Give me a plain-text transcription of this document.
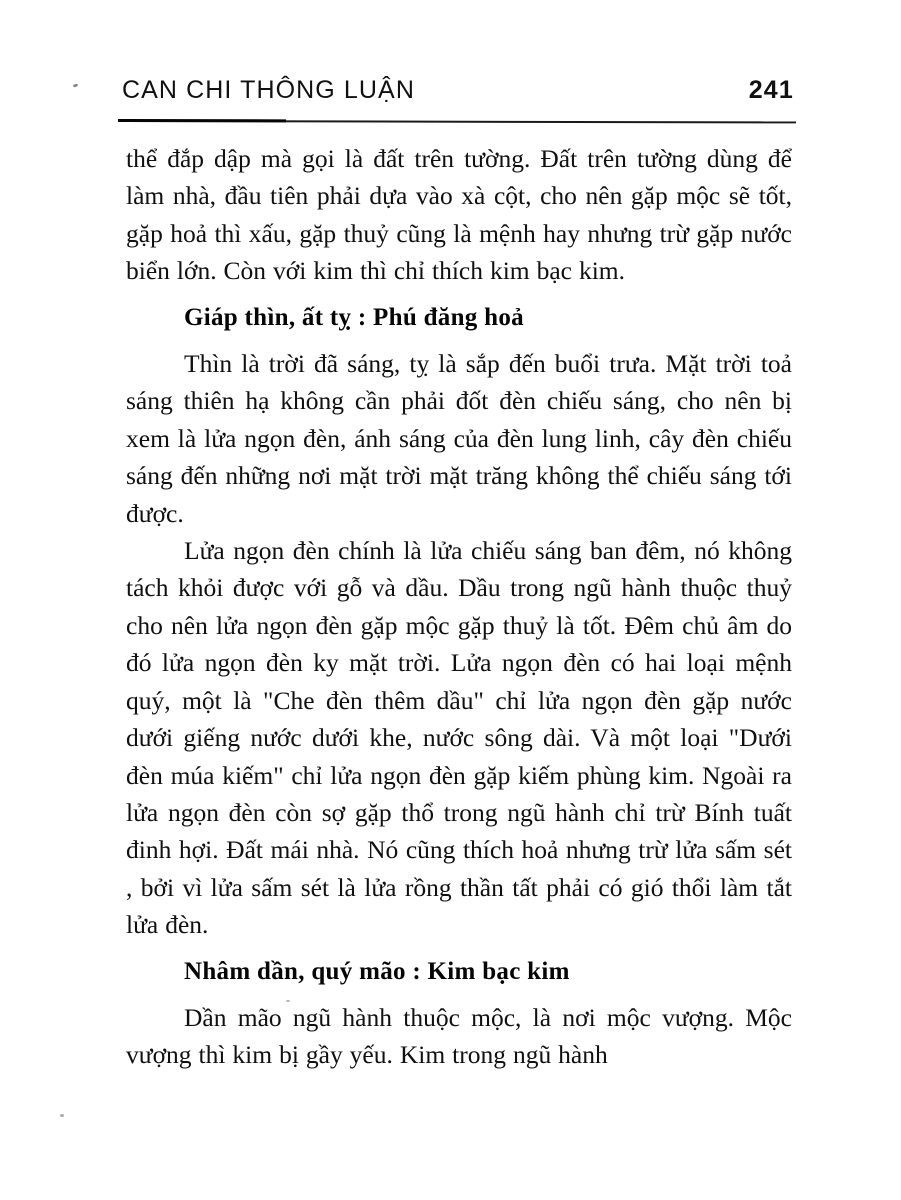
CAN CHI THÔNG LUẬN	241

thể đắp dập mà gọi là đất trên tường. Đất trên tường dùng để làm nhà, đầu tiên phải dựa vào xà cột, cho nên gặp mộc sẽ tốt, gặp hoả thì xấu, gặp thuỷ cũng là mệnh hay nhưng trừ gặp nước biển lớn. Còn với kim thì chỉ thích kim bạc kim.

Giáp thìn, ất tỵ : Phú đăng hoả

Thìn là trời đã sáng, tỵ là sắp đến buổi trưa. Mặt trời toả sáng thiên hạ không cần phải đốt đèn chiếu sáng, cho nên bị xem là lửa ngọn đèn, ánh sáng của đèn lung linh, cây đèn chiếu sáng đến những nơi mặt trời mặt trăng không thể chiếu sáng tới được.

Lửa ngọn đèn chính là lửa chiếu sáng ban đêm, nó không tách khỏi được với gỗ và dầu. Dầu trong ngũ hành thuộc thuỷ cho nên lửa ngọn đèn gặp mộc gặp thuỷ là tốt. Đêm chủ âm do đó lửa ngọn đèn ky mặt trời. Lửa ngọn đèn có hai loại mệnh quý, một là "Che đèn thêm dầu" chỉ lửa ngọn đèn gặp nước dưới giếng nước dưới khe, nước sông dài. Và một loại "Dưới đèn múa kiếm" chỉ lửa ngọn đèn gặp kiếm phùng kim. Ngoài ra lửa ngọn đèn còn sợ gặp thổ trong ngũ hành chỉ trừ Bính tuất đinh hợi. Đất mái nhà. Nó cũng thích hoả nhưng trừ lửa sấm sét , bởi vì lửa sấm sét là lửa rồng thần tất phải có gió thổi làm tắt lửa đèn.

Nhâm dần, quý mão : Kim bạc kim

Dần mão ngũ hành thuộc mộc, là nơi mộc vượng. Mộc vượng thì kim bị gầy yếu. Kim trong ngũ hành
